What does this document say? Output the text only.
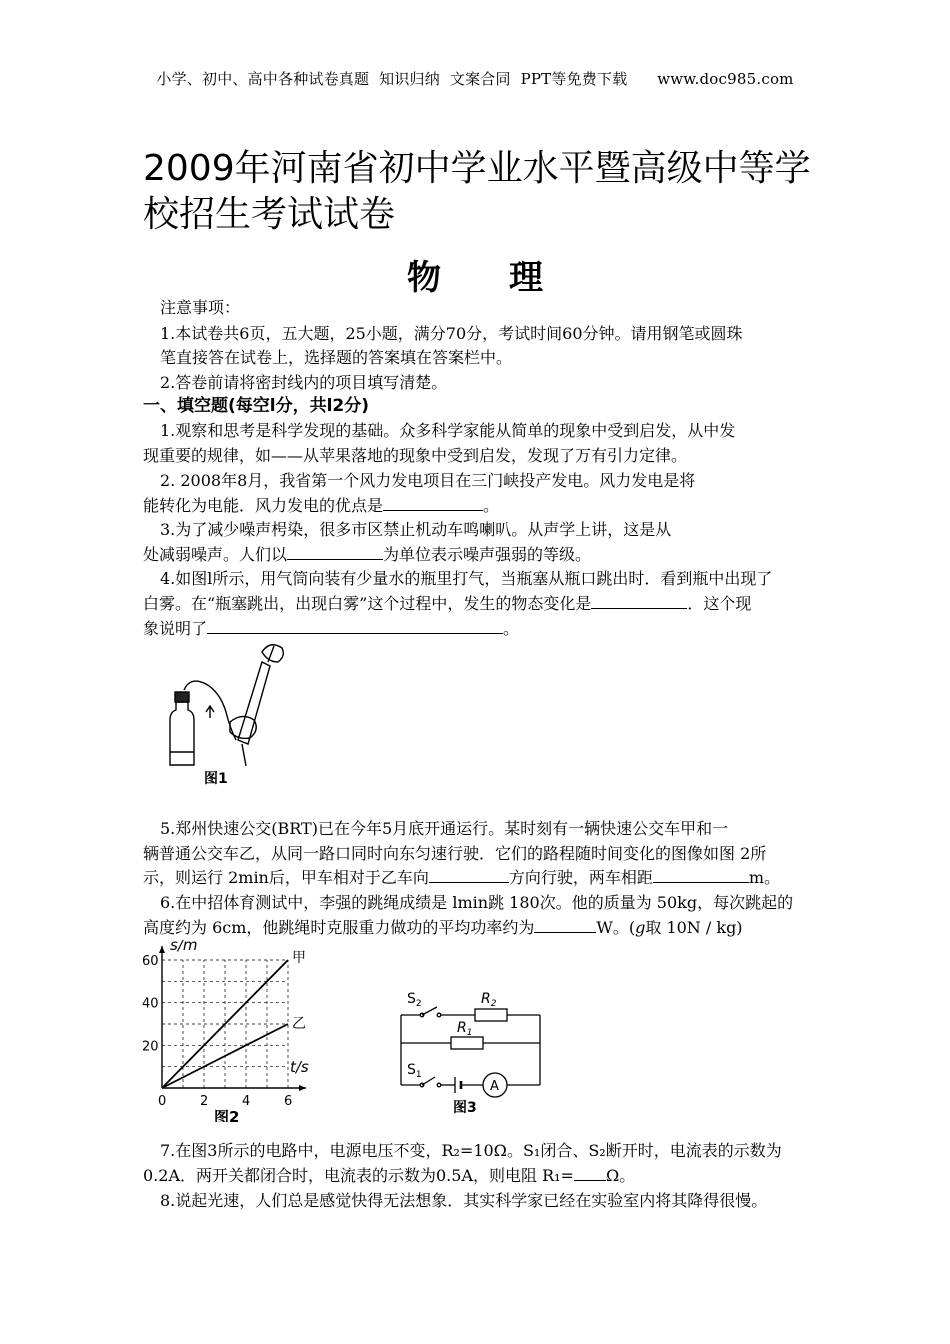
小学、初中、高中各种试卷真题  知识归纳  文案合同  PPT等免费下载      www.doc985.com
2009年河南省初中学业水平暨高级中等学
校招生考试试卷
物　　理
注意事项：
1.本试卷共6页，五大题，25小题，满分70分，考试时间60分钟。请用钢笔或圆珠
笔直接答在试卷上，选择题的答案填在答案栏中。
2.答卷前请将密封线内的项目填写清楚。
一、填空题(每空l分，共l2分)
1.观察和思考是科学发现的基础。众多科学家能从简单的现象中受到启发，从中发
现重要的规律，如——从苹果落地的现象中受到启发，发现了万有引力定律。
2. 2008年8月，我省第一个风力发电项目在三门峡投产发电。风力发电是将
能转化为电能．风力发电的优点是	。
3.为了减少噪声枵染，很多市区禁止机动车鸣喇叭。从声学上讲，这是从
处减弱噪声。人们以	为单位表示噪声强弱的等级。
4.如图l所示，用气筒向装有少量水的瓶里打气，当瓶塞从瓶口跳出时．看到瓶中出现了
白雾。在“瓶塞跳出，出现白雾”这个过程中，发生的物态变化是	．这个现
象说明了	。
图1
5.郑州快速公交(BRT)已在今年5月底开通运行。某时刻有一辆快速公交车甲和一
辆普通公交车乙，从同一路口同时向东匀速行驶．它们的路程随时间变化的图像如图 2所
示，则运行 2min后，甲车相对于乙车向	方向行驶，两车相距	m。
6.在中招体育测试中，李强的跳绳成绩是 lmin跳 180次。他的质量为 50kg，每次跳起的
高度约为 6cm，他跳绳时克服重力做功的平均功率约为	W。(g取 10N / kg)
s/m
t/s
0	2	4	6
20
40
60	甲
乙
图2
$S_2$	$R_2$
$R_1$
$S_1$
A
图3
7.在图3所示的电路中，电源电压不变，R₂=10Ω。S₁闭合、S₂断开时，电流表的示数为
0.2A．两开关都闭合时，电流表的示数为0.5A，则电阻 R₁= Ω。
8.说起光速，人们总是感觉快得无法想象．其实科学家已经在实验室内将其降得很慢。
